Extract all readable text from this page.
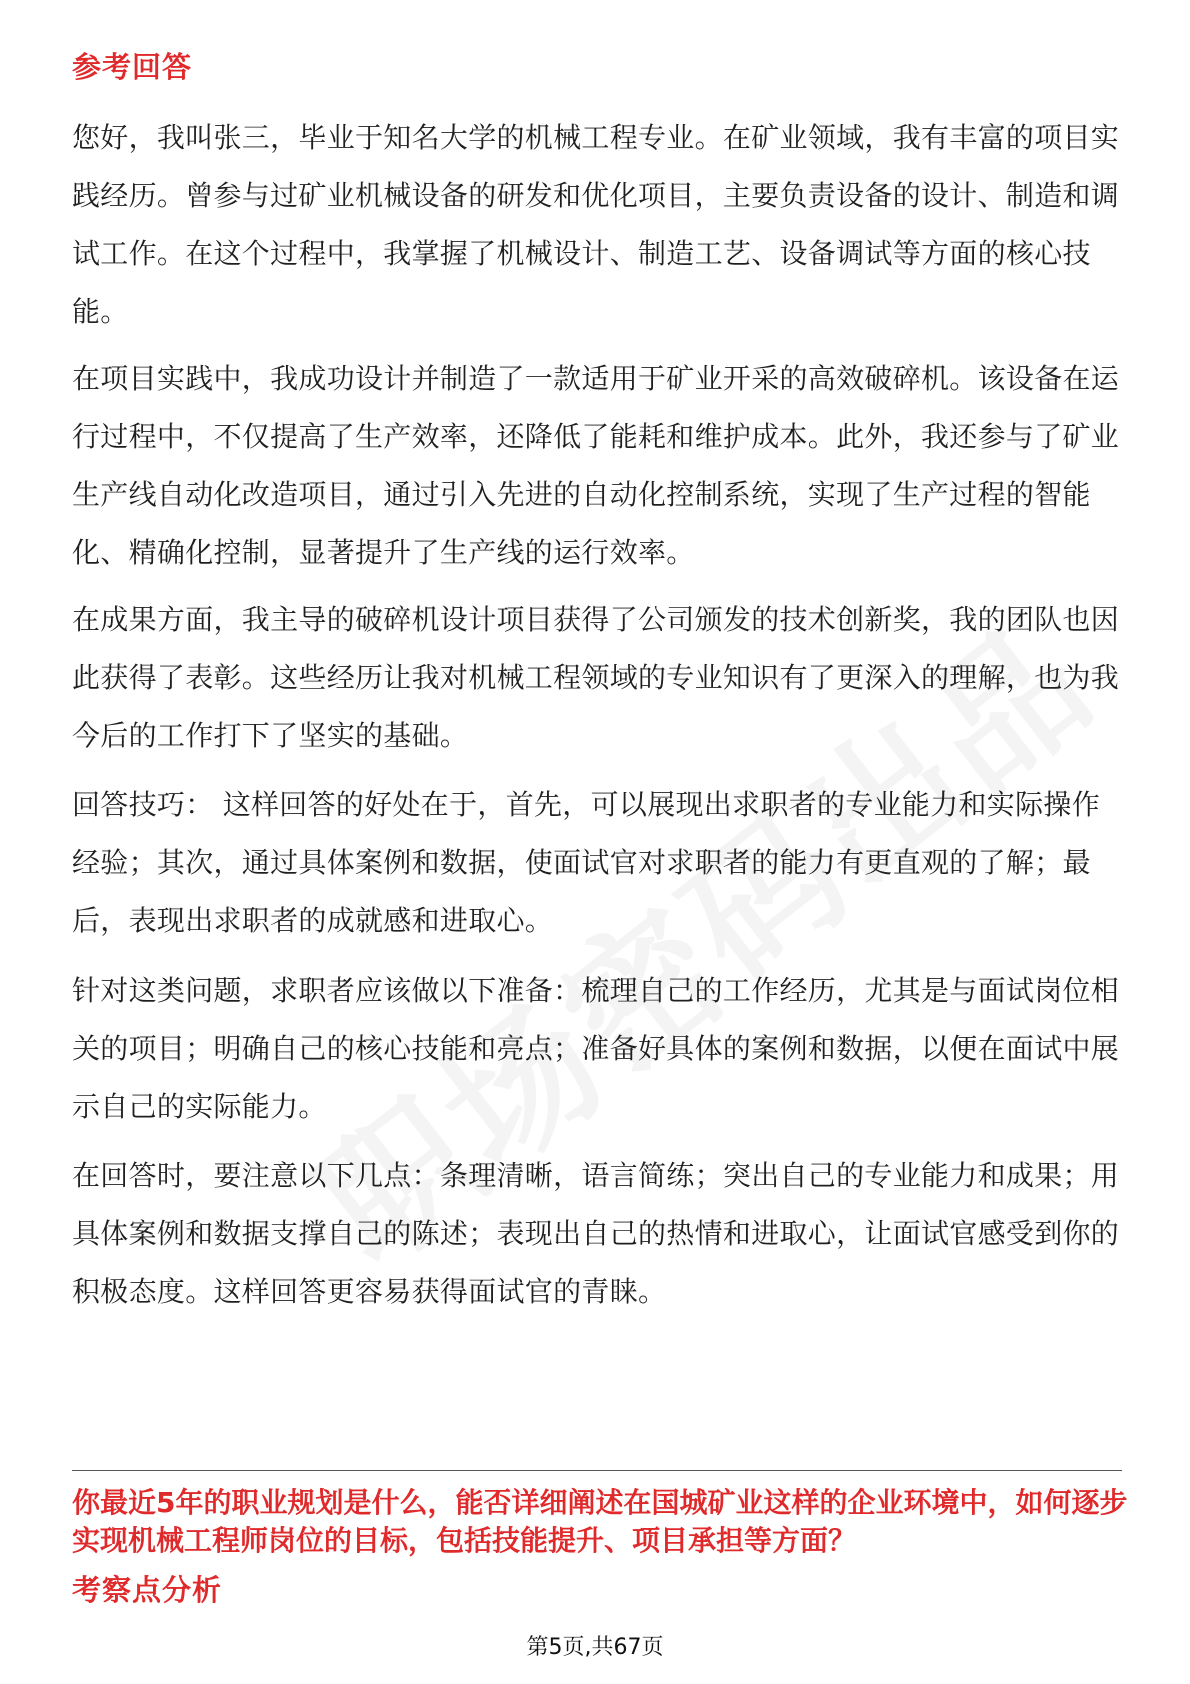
参考回答

您好，我叫张三，毕业于知名大学的机械工程专业。在矿业领域，我有丰富的项目实践经历。曾参与过矿业机械设备的研发和优化项目，主要负责设备的设计、制造和调试工作。在这个过程中，我掌握了机械设计、制造工艺、设备调试等方面的核心技能。

在项目实践中，我成功设计并制造了一款适用于矿业开采的高效破碎机。该设备在运行过程中，不仅提高了生产效率，还降低了能耗和维护成本。此外，我还参与了矿业生产线自动化改造项目，通过引入先进的自动化控制系统，实现了生产过程的智能化、精确化控制，显著提升了生产线的运行效率。

在成果方面，我主导的破碎机设计项目获得了公司颁发的技术创新奖，我的团队也因此获得了表彰。这些经历让我对机械工程领域的专业知识有了更深入的理解，也为我今后的工作打下了坚实的基础。

回答技巧： 这样回答的好处在于，首先，可以展现出求职者的专业能力和实际操作经验；其次，通过具体案例和数据，使面试官对求职者的能力有更直观的了解；最后，表现出求职者的成就感和进取心。

针对这类问题，求职者应该做以下准备：梳理自己的工作经历，尤其是与面试岗位相关的项目；明确自己的核心技能和亮点；准备好具体的案例和数据，以便在面试中展示自己的实际能力。

在回答时，要注意以下几点：条理清晰，语言简练；突出自己的专业能力和成果；用具体案例和数据支撑自己的陈述；表现出自己的热情和进取心，让面试官感受到你的积极态度。这样回答更容易获得面试官的青睐。

你最近5年的职业规划是什么，能否详细阐述在国城矿业这样的企业环境中，如何逐步实现机械工程师岗位的目标，包括技能提升、项目承担等方面？

考察点分析
第5页,共67页
